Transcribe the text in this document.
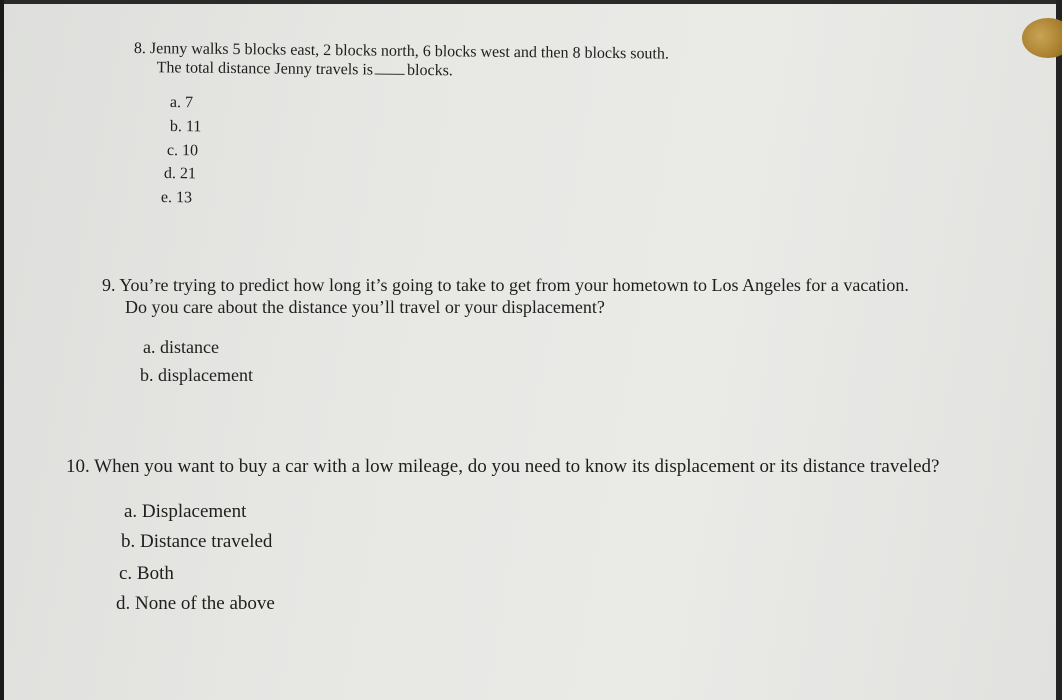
8. Jenny walks 5 blocks east, 2 blocks north, 6 blocks west and then 8 blocks south.
The total distance Jenny travels is blocks.
a. 7
b. 11
c. 10
d. 21
e. 13
9. You’re trying to predict how long it’s going to take to get from your hometown to Los Angeles for a vacation.
Do you care about the distance you’ll travel or your displacement?
a. distance
b. displacement
10. When you want to buy a car with a low mileage, do you need to know its displacement or its distance traveled?
a. Displacement
b. Distance traveled
c. Both
d. None of the above
